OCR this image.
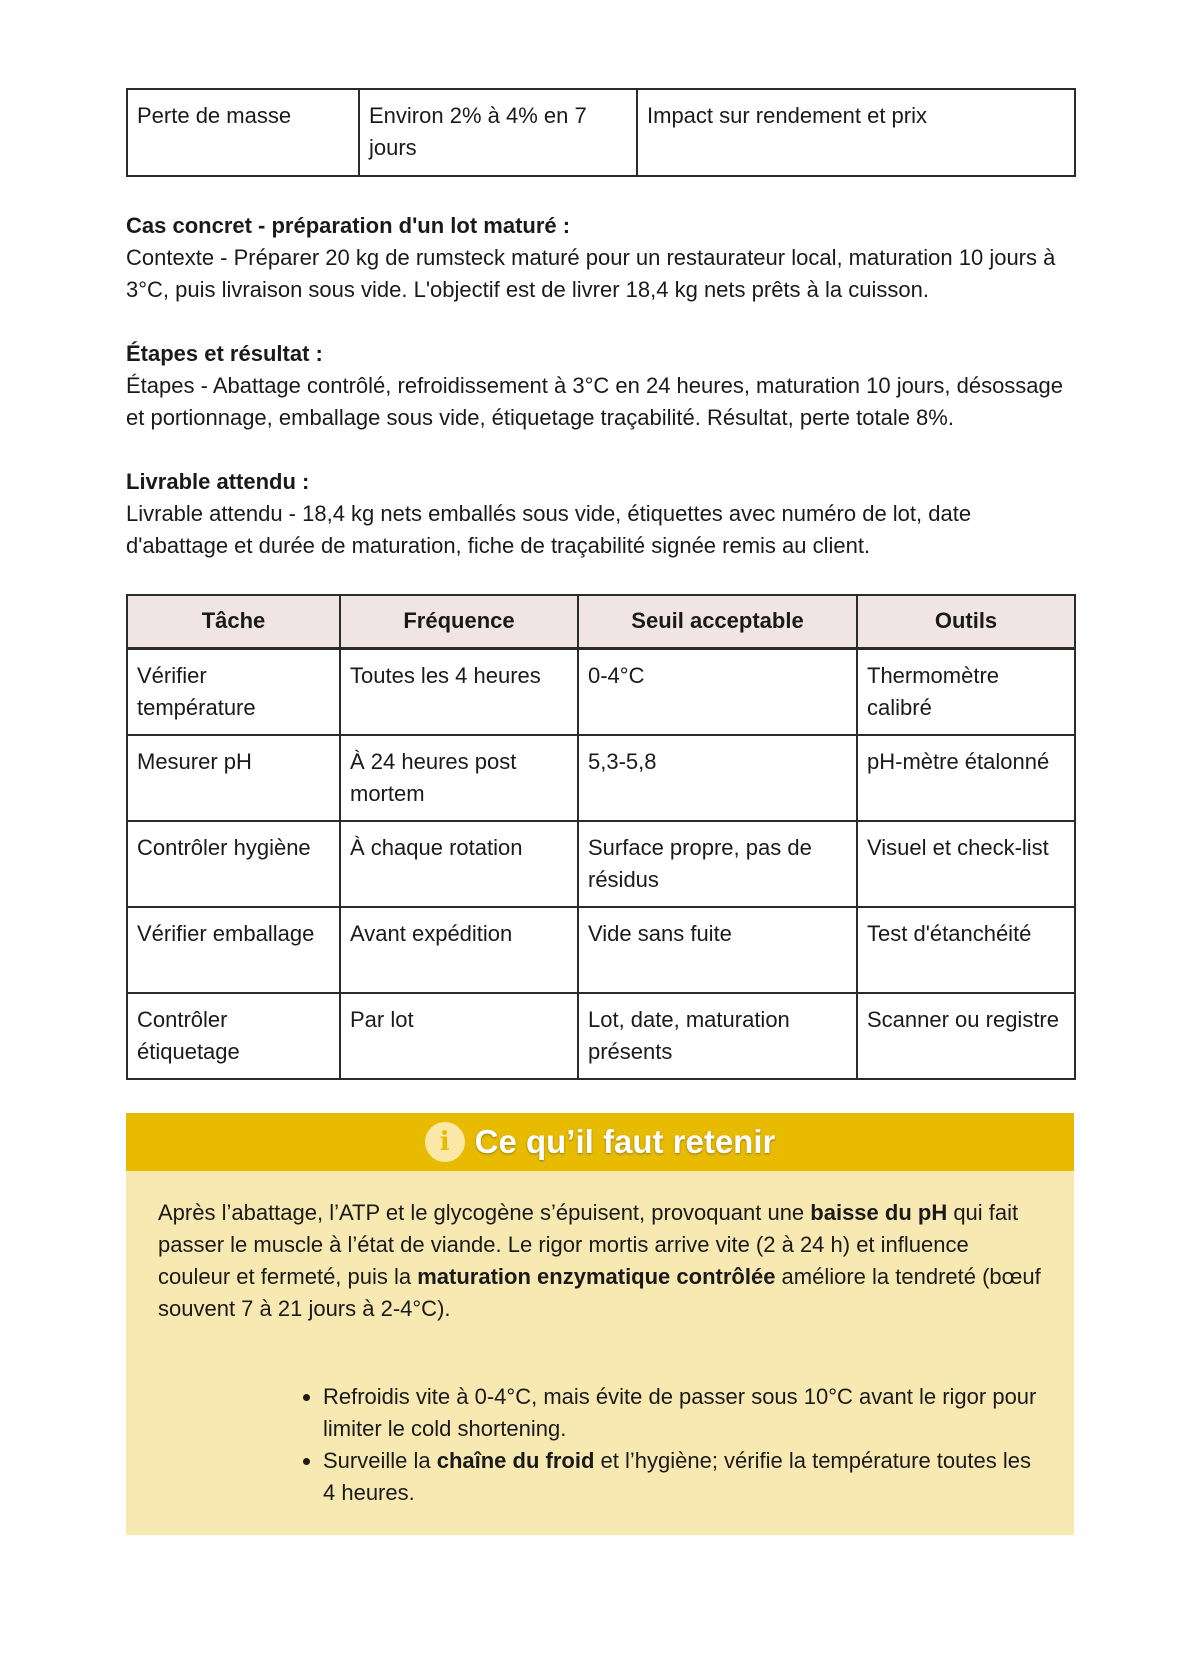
Perte de masse	Environ 2% à 4% en 7 jours	Impact sur rendement et prix
Cas concret - préparation d'un lot maturé :
Contexte - Préparer 20 kg de rumsteck maturé pour un restaurateur local, maturation 10 jours à 3°C, puis livraison sous vide. L'objectif est de livrer 18,4 kg nets prêts à la cuisson.
Étapes et résultat :
Étapes - Abattage contrôlé, refroidissement à 3°C en 24 heures, maturation 10 jours, désossage et portionnage, emballage sous vide, étiquetage traçabilité. Résultat, perte totale 8%.
Livrable attendu :
Livrable attendu - 18,4 kg nets emballés sous vide, étiquettes avec numéro de lot, date d'abattage et durée de maturation, fiche de traçabilité signée remis au client.
Tâche	Fréquence	Seuil acceptable	Outils
Vérifier température	Toutes les 4 heures	0-4°C	Thermomètre calibré
Mesurer pH	À 24 heures post mortem	5,3-5,8	pH-mètre étalonné
Contrôler hygiène	À chaque rotation	Surface propre, pas de résidus	Visuel et check-list
Vérifier emballage	Avant expédition	Vide sans fuite	Test d'étanchéité
Contrôler étiquetage	Par lot	Lot, date, maturation présents	Scanner ou registre
i Ce qu’il faut retenir

Après l’abattage, l’ATP et le glycogène s’épuisent, provoquant une baisse du pH qui fait passer le muscle à l’état de viande. Le rigor mortis arrive vite (2 à 24 h) et influence couleur et fermeté, puis la maturation enzymatique contrôlée améliore la tendreté (bœuf souvent 7 à 21 jours à 2-4°C).

• Refroidis vite à 0-4°C, mais évite de passer sous 10°C avant le rigor pour limiter le cold shortening.
• Surveille la chaîne du froid et l’hygiène; vérifie la température toutes les 4 heures.
